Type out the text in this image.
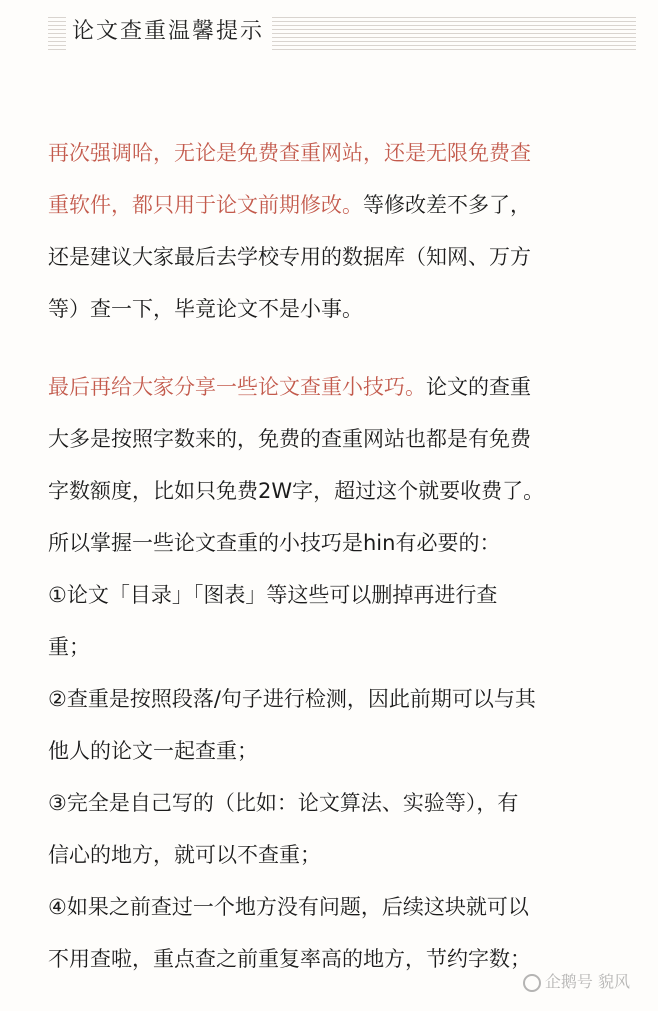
论文查重温馨提示
再次强调哈，无论是免费查重网站，还是无限免费查
重软件，都只用于论文前期修改。等修改差不多了，
还是建议大家最后去学校专用的数据库（知网、万方
等）查一下，毕竟论文不是小事。
最后再给大家分享一些论文查重小技巧。论文的查重
大多是按照字数来的，免费的查重网站也都是有免费
字数额度，比如只免费2W字，超过这个就要收费了。
所以掌握一些论文查重的小技巧是hin有必要的：
①论文「目录」「图表」等这些可以删掉再进行查
重；
②查重是按照段落/句子进行检测，因此前期可以与其
他人的论文一起查重；
③完全是自己写的（比如：论文算法、实验等），有
信心的地方，就可以不查重；
④如果之前查过一个地方没有问题，后续这块就可以
不用查啦，重点查之前重复率高的地方，节约字数；
企鹅号 貌风
